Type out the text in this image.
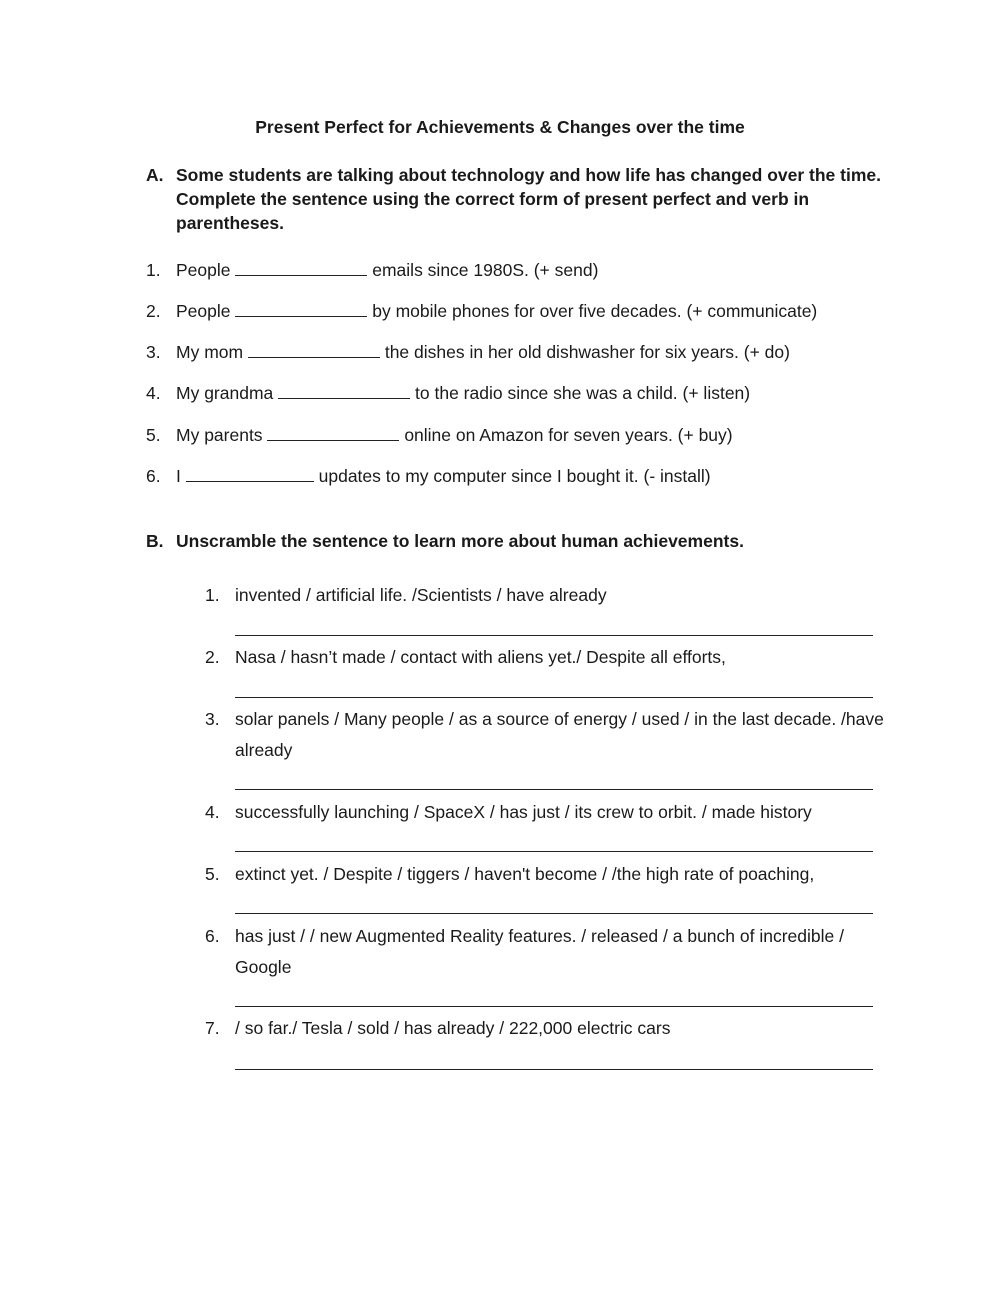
Present Perfect for Achievements & Changes over the time
A. Some students are talking about technology and how life has changed over the time. Complete the sentence using the correct form of present perfect and verb in parentheses.
1. People	emails since 1980S. (+ send)
2. People	by mobile phones for over five decades. (+ communicate)
3. My mom	the dishes in her old dishwasher for six years. (+ do)
4. My grandma	to the radio since she was a child. (+ listen)
5. My parents	online on Amazon for seven years. (+ buy)
6. I	updates to my computer since I bought it. (- install)
B. Unscramble the sentence to learn more about human achievements.
1. invented / artificial life. /Scientists / have already
2. Nasa / hasn’t made / contact with aliens yet./ Despite all efforts,
3. solar panels / Many people / as a source of energy / used / in the last decade. /have already
4. successfully launching / SpaceX / has just / its crew to orbit. / made history
5. extinct yet. / Despite / tiggers / haven't become / /the high rate of poaching,
6. has just / / new Augmented Reality features. / released / a bunch of incredible / Google
7. / so far./ Tesla / sold / has already / 222,000 electric cars
